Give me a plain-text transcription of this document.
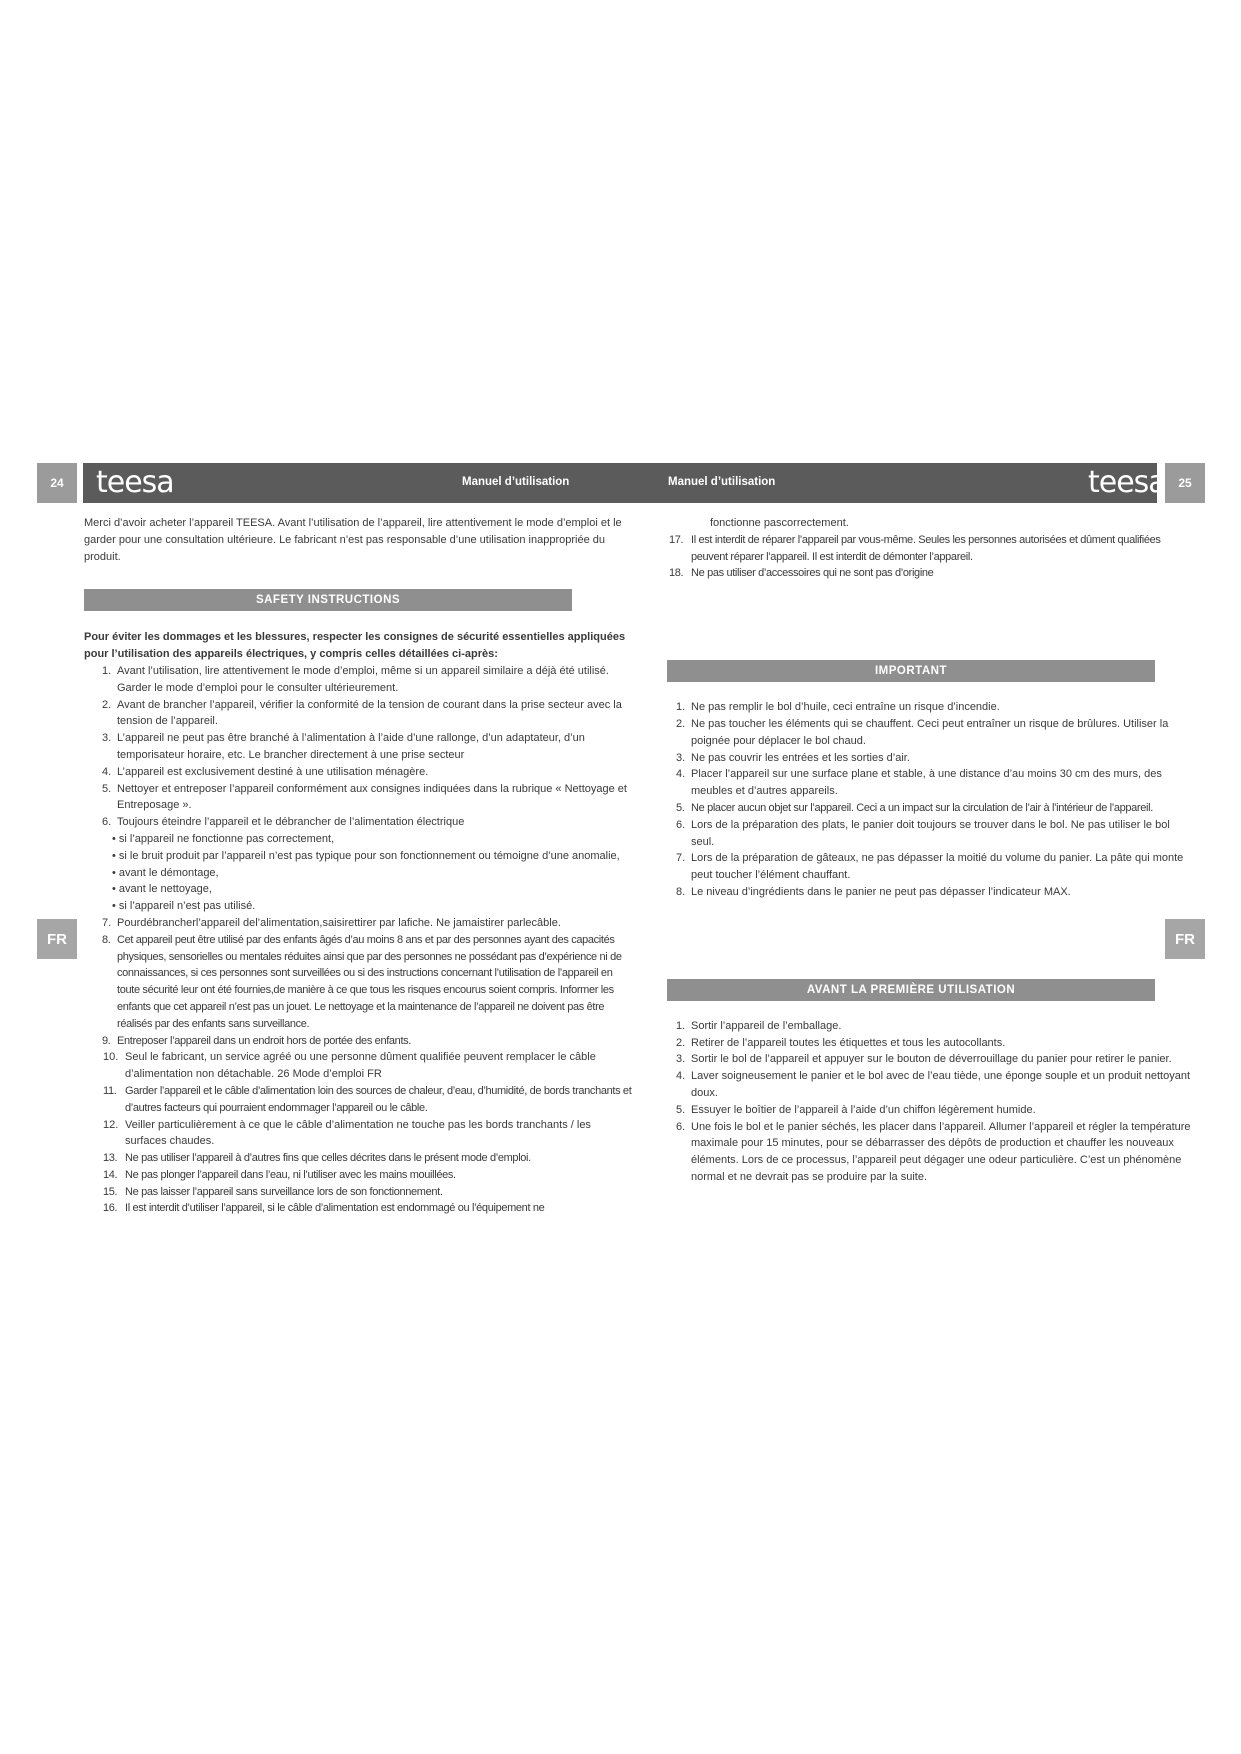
24	25
teesa	teesa
Manuel d’utilisation	Manuel d’utilisation
FR	FR

Merci d’avoir acheter l’appareil TEESA. Avant l’utilisation de l’appareil, lire attentivement le mode d’emploi et le garder pour une consultation ultérieure. Le fabricant n’est pas responsable d’une utilisation inappropriée du produit.

SAFETY INSTRUCTIONS

Pour éviter les dommages et les blessures, respecter les consignes de sécurité essentielles appliquées pour l’utilisation des appareils électriques, y compris celles détaillées ci-après:

1. Avant l’utilisation, lire attentivement le mode d’emploi, même si un appareil similaire a déjà été utilisé. Garder le mode d’emploi pour le consulter ultérieurement.
2. Avant de brancher l’appareil, vérifier la conformité de la tension de courant dans la prise secteur avec la tension de l’appareil.
3. L’appareil ne peut pas être branché à l’alimentation à l’aide d’une rallonge, d’un adaptateur, d’un temporisateur horaire, etc. Le brancher directement à une prise secteur
4. L’appareil est exclusivement destiné à une utilisation ménagère.
5. Nettoyer et entreposer l’appareil conformément aux consignes indiquées dans la rubrique « Nettoyage et Entreposage ».
6. Toujours éteindre l’appareil et le débrancher de l’alimentation électrique
• si l’appareil ne fonctionne pas correctement,
• si le bruit produit par l’appareil n’est pas typique pour son fonctionnement ou témoigne d’une anomalie,
• avant le démontage,
• avant le nettoyage,
• si l’appareil n’est pas utilisé.
7. Pourdébrancherl’appareil del’alimentation,saisirettirer par lafiche. Ne jamaistirer parlecâble.
8. Cet appareil peut être utilisé par des enfants âgés d’au moins 8 ans et par des personnes ayant des capacités physiques, sensorielles ou mentales réduites ainsi que par des personnes ne possédant pas d’expérience ni de connaissances, si ces personnes sont surveillées ou si des instructions concernant l’utilisation de l’appareil en toute sécurité leur ont été fournies,de manière à ce que tous les risques encourus soient compris. Informer les enfants que cet appareil n’est pas un jouet. Le nettoyage et la maintenance de l’appareil ne doivent pas être réalisés par des enfants sans surveillance.
9. Entreposer l’appareil dans un endroit hors de portée des enfants.
10. Seul le fabricant, un service agréé ou une personne dûment qualifiée peuvent remplacer le câble d’alimentation non détachable. 26 Mode d’emploi FR
11. Garder l’appareil et le câble d’alimentation loin des sources de chaleur, d’eau, d’humidité, de bords tranchants et d’autres facteurs qui pourraient endommager l’appareil ou le câble.
12. Veiller particulièrement à ce que le câble d’alimentation ne touche pas les bords tranchants / les surfaces chaudes.
13. Ne pas utiliser l’appareil à d’autres fins que celles décrites dans le présent mode d’emploi.
14. Ne pas plonger l’appareil dans l’eau, ni l’utiliser avec les mains mouillées.
15. Ne pas laisser l’appareil sans surveillance lors de son fonctionnement.
16. Il est interdit d’utiliser l’appareil, si le câble d’alimentation est endommagé ou l’équipement ne

fonctionne pascorrectement.

17. Il est interdit de réparer l’appareil par vous-même. Seules les personnes autorisées et dûment qualifiées peuvent réparer l’appareil. Il est interdit de démonter l’appareil.
18. Ne pas utiliser d’accessoires qui ne sont pas d’origine
IMPORTANT
1. Ne pas remplir le bol d’huile, ceci entraîne un risque d’incendie.
2. Ne pas toucher les éléments qui se chauffent. Ceci peut entraîner un risque de brûlures. Utiliser la poignée pour déplacer le bol chaud.
3. Ne pas couvrir les entrées et les sorties d’air.
4. Placer l’appareil sur une surface plane et stable, à une distance d’au moins 30 cm des murs, des meubles et d’autres appareils.
5. Ne placer aucun objet sur l’appareil. Ceci a un impact sur la circulation de l’air à l’intérieur de l’appareil.
6. Lors de la préparation des plats, le panier doit toujours se trouver dans le bol. Ne pas utiliser le bol seul.
7. Lors de la préparation de gâteaux, ne pas dépasser la moitié du volume du panier. La pâte qui monte peut toucher l’élément chauffant.
8. Le niveau d’ingrédients dans le panier ne peut pas dépasser l’indicateur MAX.
AVANT LA PREMIÈRE UTILISATION
1. Sortir l’appareil de l’emballage.
2. Retirer de l’appareil toutes les étiquettes et tous les autocollants.
3. Sortir le bol de l’appareil et appuyer sur le bouton de déverrouillage du panier pour retirer le panier.
4. Laver soigneusement le panier et le bol avec de l’eau tiède, une éponge souple et un produit nettoyant doux.
5. Essuyer le boîtier de l’appareil à l’aide d’un chiffon légèrement humide.
6. Une fois le bol et le panier séchés, les placer dans l’appareil. Allumer l’appareil et régler la température maximale pour 15 minutes, pour se débarrasser des dépôts de production et chauffer les nouveaux éléments. Lors de ce processus, l’appareil peut dégager une odeur particulière. C’est un phénomène normal et ne devrait pas se produire par la suite.
